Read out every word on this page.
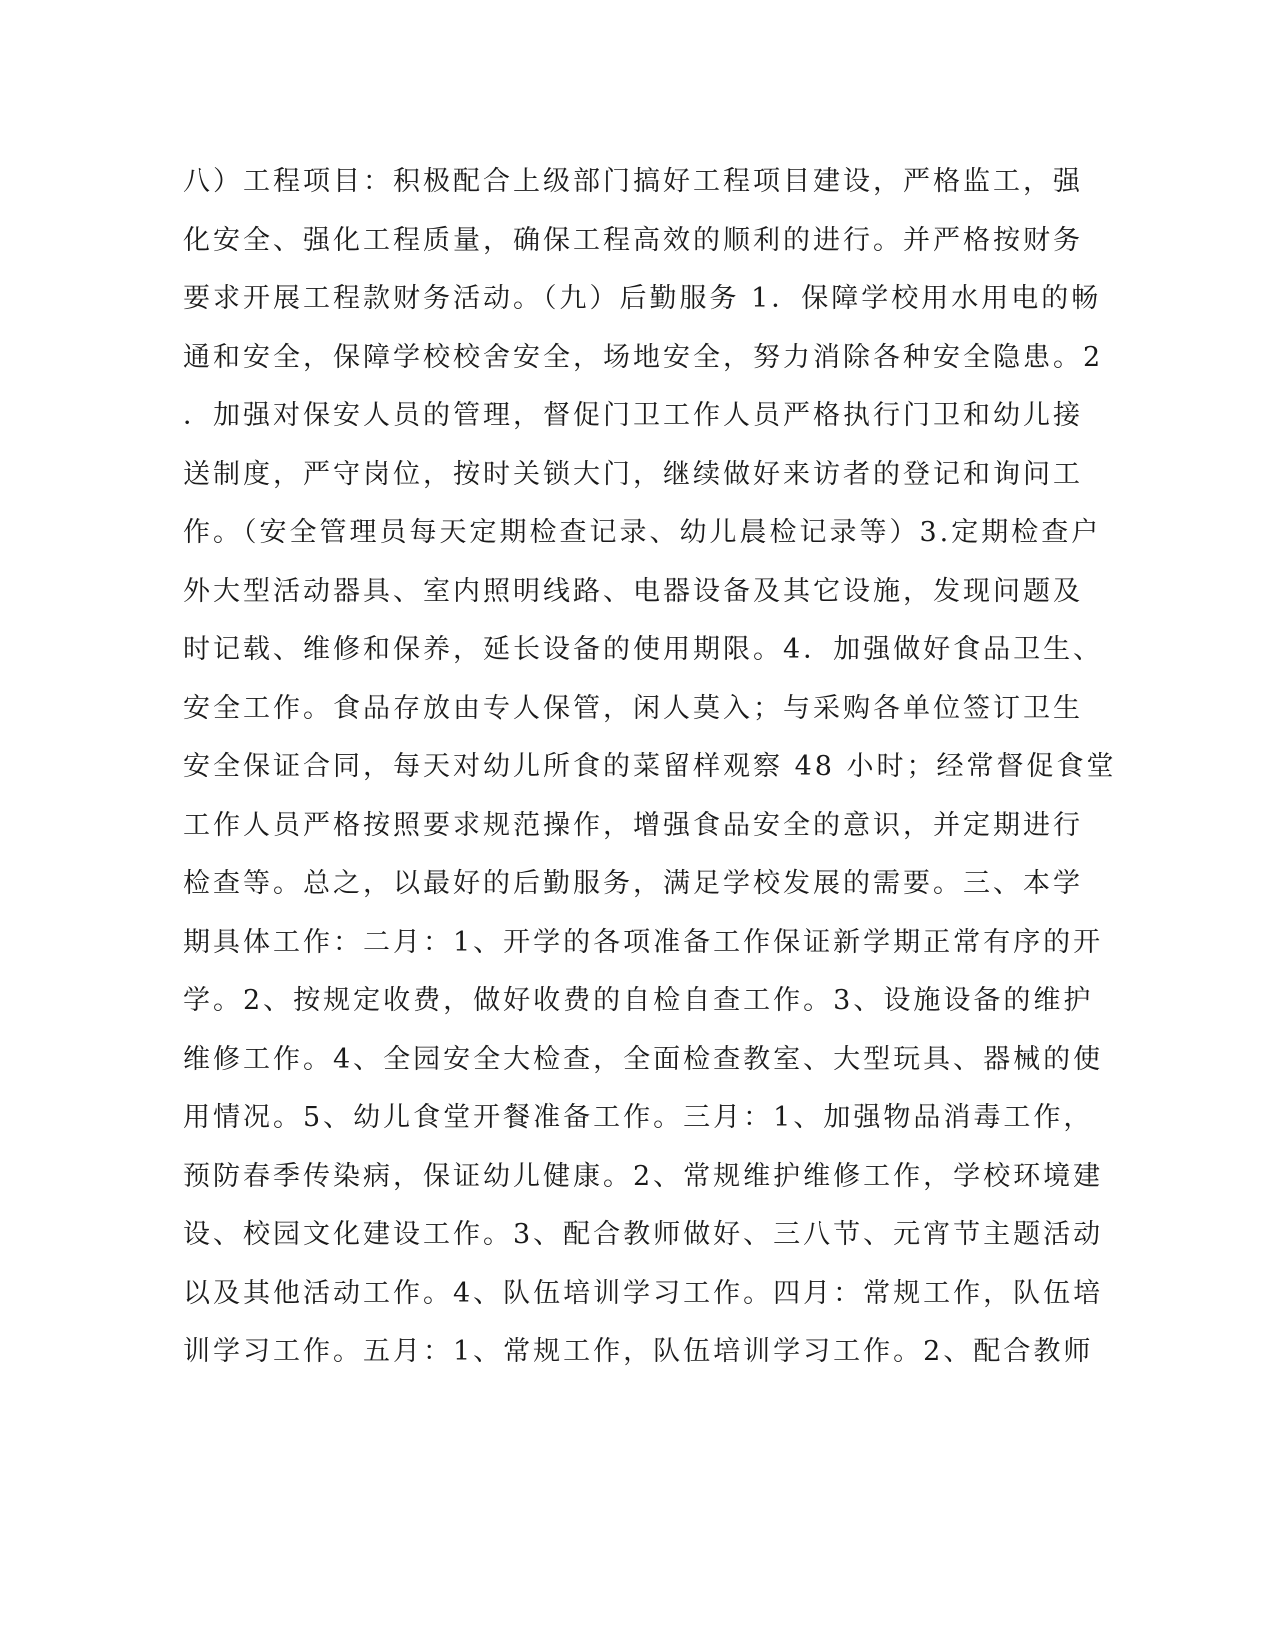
八）工程项目：积极配合上级部门搞好工程项目建设，严格监工，强
化安全、强化工程质量，确保工程高效的顺利的进行。并严格按财务
要求开展工程款财务活动。（九）后勤服务 1．保障学校用水用电的畅
通和安全，保障学校校舍安全，场地安全，努力消除各种安全隐患。2
．加强对保安人员的管理，督促门卫工作人员严格执行门卫和幼儿接
送制度，严守岗位，按时关锁大门，继续做好来访者的登记和询问工
作。（安全管理员每天定期检查记录、幼儿晨检记录等）3.定期检查户
外大型活动器具、室内照明线路、电器设备及其它设施，发现问题及
时记载、维修和保养，延长设备的使用期限。4．加强做好食品卫生、
安全工作。食品存放由专人保管，闲人莫入；与采购各单位签订卫生
安全保证合同，每天对幼儿所食的菜留样观察 48 小时；经常督促食堂
工作人员严格按照要求规范操作，增强食品安全的意识，并定期进行
检查等。总之，以最好的后勤服务，满足学校发展的需要。三、本学
期具体工作：二月：1、开学的各项准备工作保证新学期正常有序的开
学。2、按规定收费，做好收费的自检自查工作。3、设施设备的维护
维修工作。4、全园安全大检查，全面检查教室、大型玩具、器械的使
用情况。5、幼儿食堂开餐准备工作。三月：1、加强物品消毒工作，
预防春季传染病，保证幼儿健康。2、常规维护维修工作，学校环境建
设、校园文化建设工作。3、配合教师做好、三八节、元宵节主题活动
以及其他活动工作。4、队伍培训学习工作。四月：常规工作，队伍培
训学习工作。五月：1、常规工作，队伍培训学习工作。2、配合教师
